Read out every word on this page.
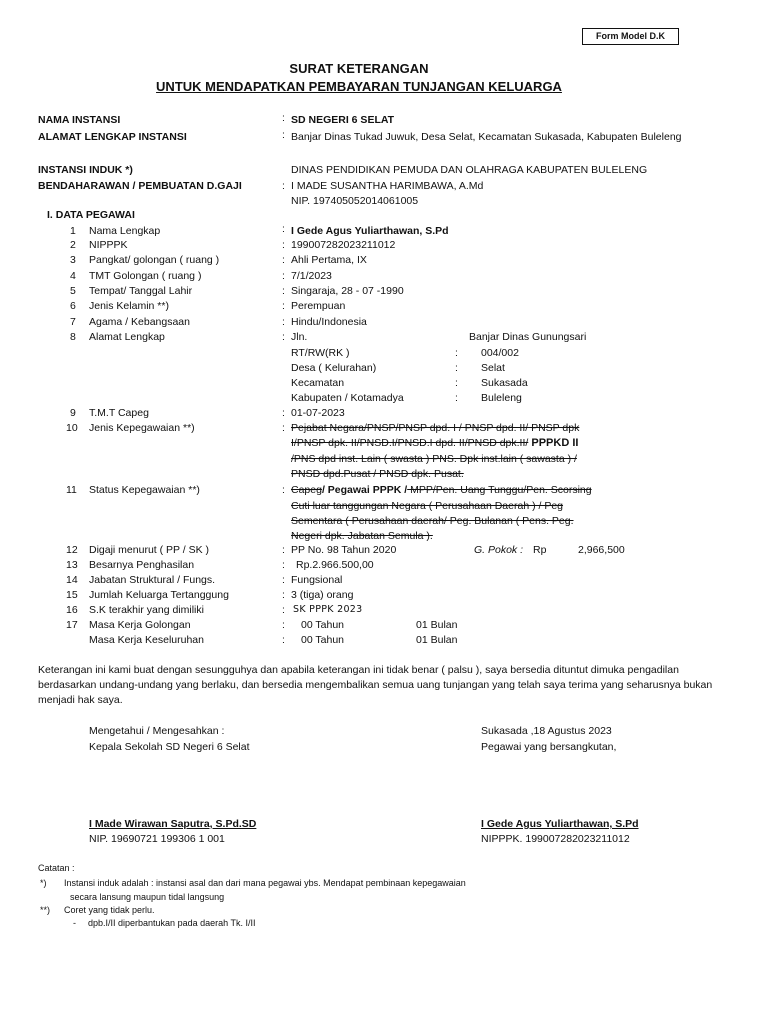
Form Model D.K
SURAT KETERANGAN
UNTUK MENDAPATKAN PEMBAYARAN TUNJANGAN KELUARGA
NAMA INSTANSI	: SD NEGERI 6 SELAT
ALAMAT LENGKAP INSTANSI	: Banjar Dinas Tukad Juwuk, Desa Selat, Kecamatan Sukasada, Kabupaten Buleleng
INSTANSI INDUK *)	DINAS PENDIDIKAN PEMUDA DAN OLAHRAGA KABUPATEN BULELENG
BENDAHARAWAN / PEMBUATAN D.GAJI	: I MADE SUSANTHA HARIMBAWA, A.Md
NIP. 197405052014061005
I. DATA PEGAWAI
1 Nama Lengkap	: I Gede Agus Yuliarthawan, S.Pd
2 NIPPPK	: 199007282023211012
3 Pangkat/ golongan ( ruang )	: Ahli Pertama, IX
4 TMT Golongan ( ruang )	: 7/1/2023
5 Tempat/ Tanggal Lahir	: Singaraja, 28 - 07 -1990
6 Jenis Kelamin **)	: Perempuan
7 Agama / Kebangsaan	: Hindu/Indonesia
8 Alamat Lengkap	: Jln.	Banjar Dinas Gunungsari
RT/RW(RK )	: 004/002
Desa ( Kelurahan)	: Selat
Kecamatan	: Sukasada
Kabupaten / Kotamadya	: Buleleng
9 T.M.T Capeg	: 01-07-2023
10 Jenis Kepegawaian **)	: Pejabat Negara/PNSP/PNSP dpd. I / PNSP dpd. II/ PNSP dpk
I/PNSP dpk. II/PNSD.I/PNSD.I dpd. II/PNSD dpk.II/ PPPKD II
/PNS dpd inst. Lain ( swasta ) PNS. Dpk inst.lain ( sawasta ) /
PNSD dpd.Pusat / PNSD dpk. Pusat.
11 Status Kepegawaian **)	: Capeg/ Pegawai PPPK / MPP/Pen. Uang Tunggu/Pen. Scorsing
Cuti luar tanggungan Negara ( Perusahaan Daerah ) / Peg
Sementara ( Perusahaan daerah/ Peg. Bulanan ( Pens. Peg.
Negeri dpk. Jabatan Semula ).
12 Digaji menurut ( PP / SK )	: PP No. 98 Tahun 2020	G. Pokok : Rp	2,966,500
13 Besarnya Penghasilan	: Rp.2.966.500,00
14 Jabatan Struktural / Fungs.	: Fungsional
15 Jumlah Keluarga Tertanggung	: 3 (tiga) orang
16 S.K terakhir yang dimiliki	: SK PPPK 2023
17 Masa Kerja Golongan	: 00 Tahun	01 Bulan
Masa Kerja Keseluruhan	: 00 Tahun	01 Bulan
Keterangan ini kami buat dengan sesungguhya dan apabila keterangan ini tidak benar ( palsu ), saya bersedia dituntut dimuka pengadilan berdasarkan undang-undang yang berlaku, dan bersedia mengembalikan semua uang tunjangan yang telah saya terima yang seharusnya bukan menjadi hak saya.
Mengetahui / Mengesahkan :
Kepala Sekolah SD Negeri 6 Selat
I Made Wirawan Saputra, S.Pd.SD
NIP. 19690721 199306 1 001
Sukasada ,18 Agustus 2023
Pegawai yang bersangkutan,
I Gede Agus Yuliarthawan, S.Pd
NIPPPK. 199007282023211012
Catatan :
*) Instansi induk adalah : instansi asal dan dari mana pegawai ybs. Mendapat pembinaan kepegawaian
secara lansung maupun tidal langsung
**) Coret yang tidak perlu.
- dpb.I/II diperbantukan pada daerah Tk. I/II
